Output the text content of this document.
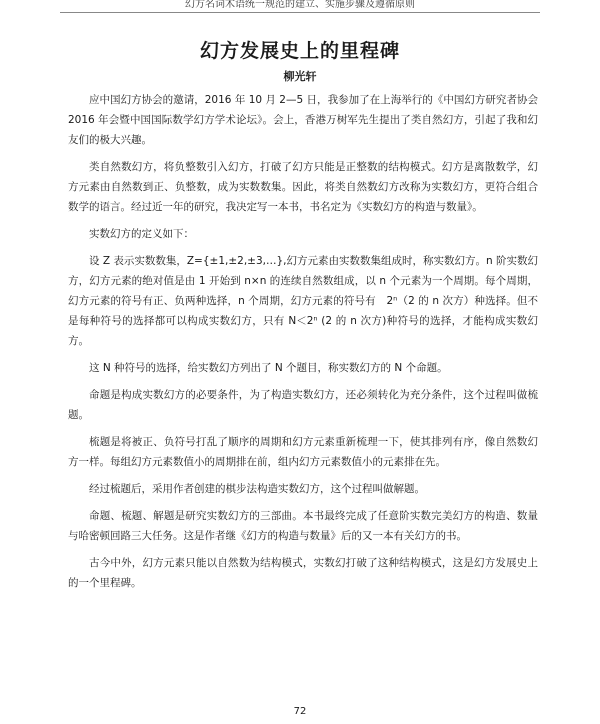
幻方名词术语统一规范的建立、实施步骤及遵循原则
幻方发展史上的里程碑
柳光轩

应中国幻方协会的邀请，2016 年 10 月 2—5 日，我参加了在上海举行的《中国幻方研究者协会 2016 年会暨中国国际数学幻方学术论坛》。会上，香港万树军先生提出了类自然幻方，引起了我和幻友们的极大兴趣。

类自然数幻方，将负整数引入幻方，打破了幻方只能是正整数的结构模式。幻方是离散数学，幻方元素由自然数到正、负整数，成为实数数集。因此，将类自然数幻方改称为实数幻方，更符合组合数学的语言。经过近一年的研究，我决定写一本书，书名定为《实数幻方的构造与数量》。

实数幻方的定义如下：

设 Z 表示实数数集，Z={±1,±2,±3,…},幻方元素由实数数集组成时，称实数幻方。n 阶实数幻方，幻方元素的绝对值是由 1 开始到 n×n 的连续自然数组成，以 n 个元素为一个周期。每个周期，幻方元素的符号有正、负两种选择，n 个周期，幻方元素的符号有　2ⁿ（2 的 n 次方）种选择。但不是每种符号的选择都可以构成实数幻方，只有 N＜2ⁿ (2 的 n 次方)种符号的选择，才能构成实数幻方。

这 N 种符号的选择，给实数幻方列出了 N 个题目，称实数幻方的 N 个命题。

命题是构成实数幻方的必要条件，为了构造实数幻方，还必须转化为充分条件，这个过程叫做梳题。

梳题是将被正、负符号打乱了顺序的周期和幻方元素重新梳理一下，使其排列有序，像自然数幻方一样。每组幻方元素数值小的周期排在前，组内幻方元素数值小的元素排在先。

经过梳题后，采用作者创建的棋步法构造实数幻方，这个过程叫做解题。

命题、梳题、解题是研究实数幻方的三部曲。本书最终完成了任意阶实数完美幻方的构造、数量与哈密顿回路三大任务。这是作者继《幻方的构造与数量》后的又一本有关幻方的书。

古今中外，幻方元素只能以自然数为结构模式，实数幻打破了这种结构模式，这是幻方发展史上的一个里程碑。

72
